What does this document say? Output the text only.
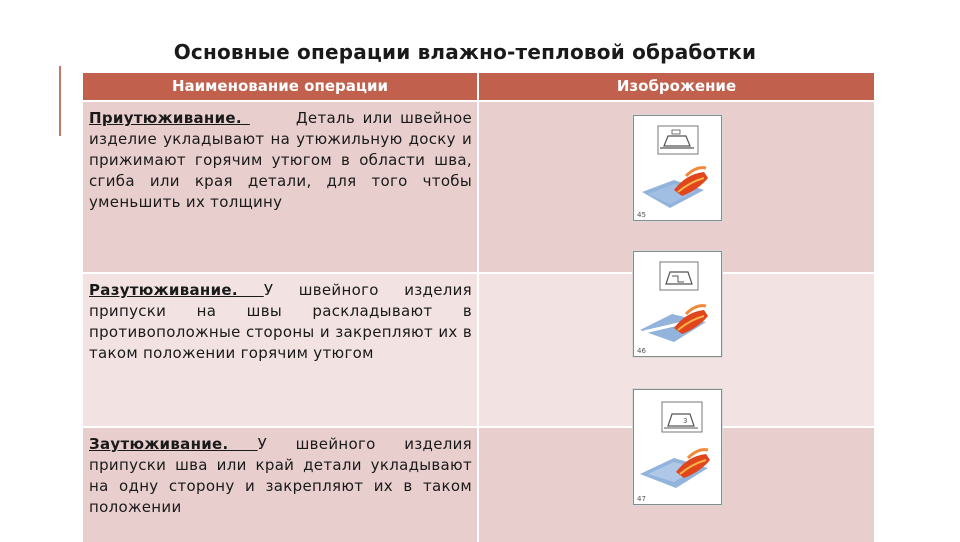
Основные операции влажно-тепловой обработки
Наименование операции	Изоброжение
Приутюживание.	Деталь или швейное изделие укладывают на утюжильную доску и прижимают горячим утюгом в области шва, сгиба или края детали, для того чтобы уменьшить их толщину
Разутюживание. У швейного изделия припуски на швы раскладывают в противоположные стороны и закрепляют их в таком положении горячим утюгом
Заутюживание. У швейного изделия припуски шва или край детали укладывают на одну сторону и закрепляют их в таком положении
45
46
3
47
